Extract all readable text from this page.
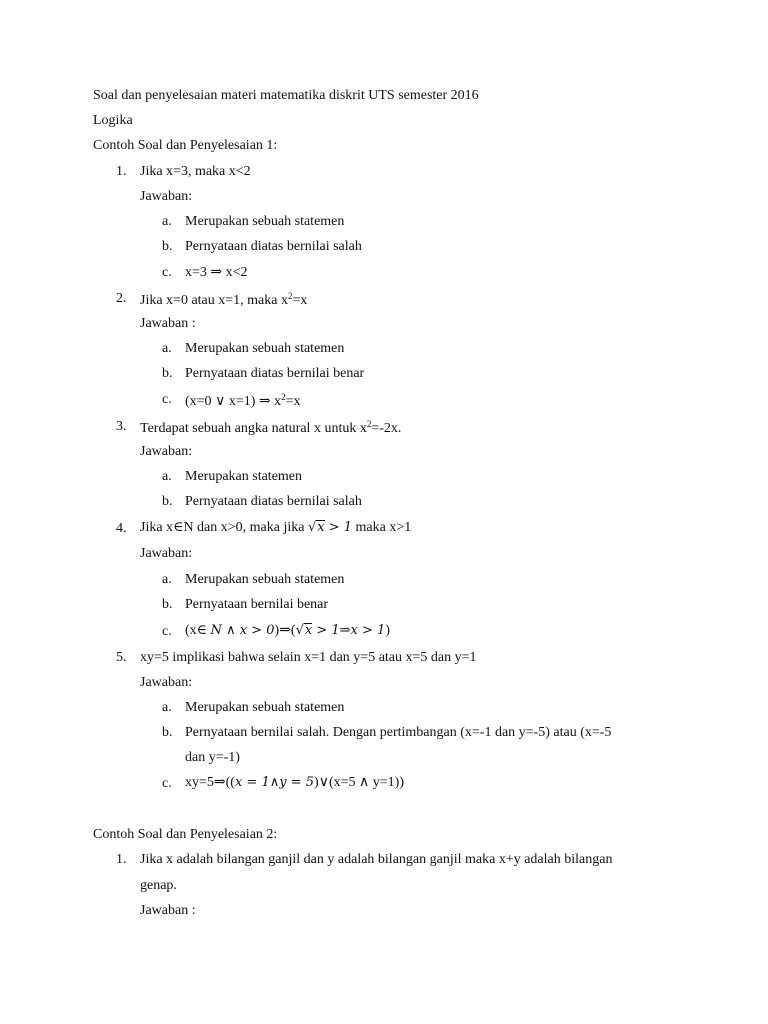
Soal dan penyelesaian materi matematika diskrit UTS semester 2016
Logika
Contoh Soal dan Penyelesaian 1:
1. Jika x=3, maka x<2
Jawaban:
a. Merupakan sebuah statemen
b. Pernyataan diatas bernilai salah
c. x=3 ⇒ x<2
2. Jika x=0 atau x=1, maka $x^2=x$
Jawaban :
a. Merupakan sebuah statemen
b. Pernyataan diatas bernilai benar
c. (x=0 ∨ x=1) ⇒ $x^2=x$
3. Terdapat sebuah angka natural x untuk $x^2=-2x$.
Jawaban:
a. Merupakan statemen
b. Pernyataan diatas bernilai salah
4. Jika x∈N dan x>0, maka jika √x > 1 maka x>1
Jawaban:
a. Merupakan sebuah statemen
b. Pernyataan bernilai benar
c. (x∈ N ∧ x > 0)⇒(√x > 1⇒x > 1)
5. xy=5 implikasi bahwa selain x=1 dan y=5 atau x=5 dan y=1
Jawaban:
a. Merupakan sebuah statemen
b. Pernyataan bernilai salah. Dengan pertimbangan (x=-1 dan y=-5) atau (x=-5
dan y=-1)
c. xy=5⇒((x = 1∧y = 5)∨(x=5 ∧ y=1))
Contoh Soal dan Penyelesaian 2:
1. Jika x adalah bilangan ganjil dan y adalah bilangan ganjil maka x+y adalah bilangan
genap.
Jawaban :
